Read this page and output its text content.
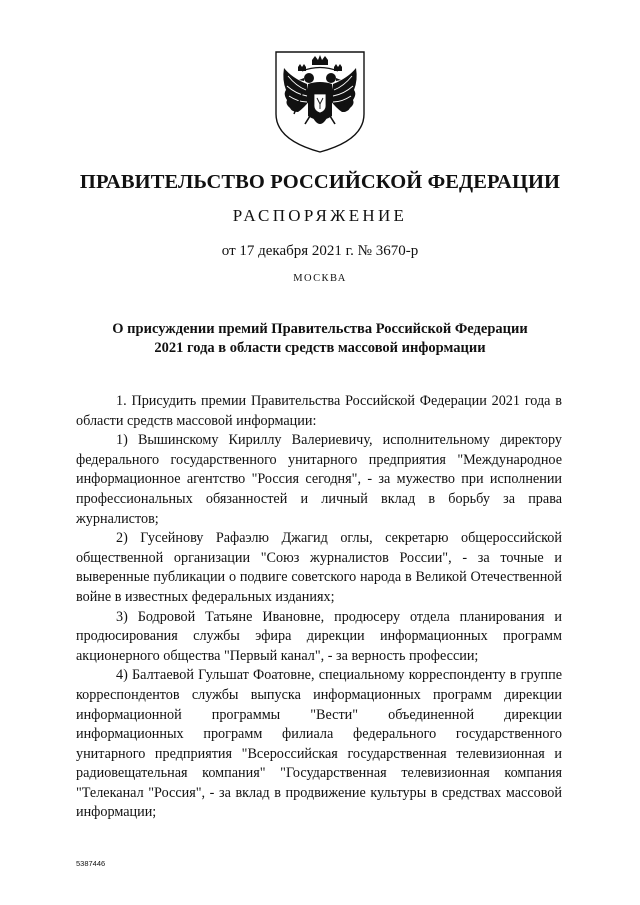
ПРАВИТЕЛЬСТВО РОССИЙСКОЙ ФЕДЕРАЦИИ
РАСПОРЯЖЕНИЕ
от 17 декабря 2021 г. № 3670-р
МОСКВА
О присуждении премий Правительства Российской Федерации
2021 года в области средств массовой информации

1. Присудить премии Правительства Российской Федерации 2021 года в области средств массовой информации:

1) Вышинскому Кириллу Валериевичу, исполнительному директору федерального государственного унитарного предприятия "Международное информационное агентство "Россия сегодня", - за мужество при исполнении профессиональных обязанностей и личный вклад в борьбу за права журналистов;

2) Гусейнову Рафаэлю Джагид оглы, секретарю общероссийской общественной организации "Союз журналистов России", - за точные и выверенные публикации о подвиге советского народа в Великой Отечественной войне в известных федеральных изданиях;

3) Бодровой Татьяне Ивановне, продюсеру отдела планирования и продюсирования службы эфира дирекции информационных программ акционерного общества "Первый канал", - за верность профессии;

4) Балтаевой Гульшат Фоатовне, специальному корреспонденту в группе корреспондентов службы выпуска информационных программ дирекции информационной программы "Вести" объединенной дирекции информационных программ филиала федерального государственного унитарного предприятия "Всероссийская государственная телевизионная и радиовещательная компания" "Государственная телевизионная компания "Телеканал "Россия", - за вклад в продвижение культуры в средствах массовой информации;

5387446
